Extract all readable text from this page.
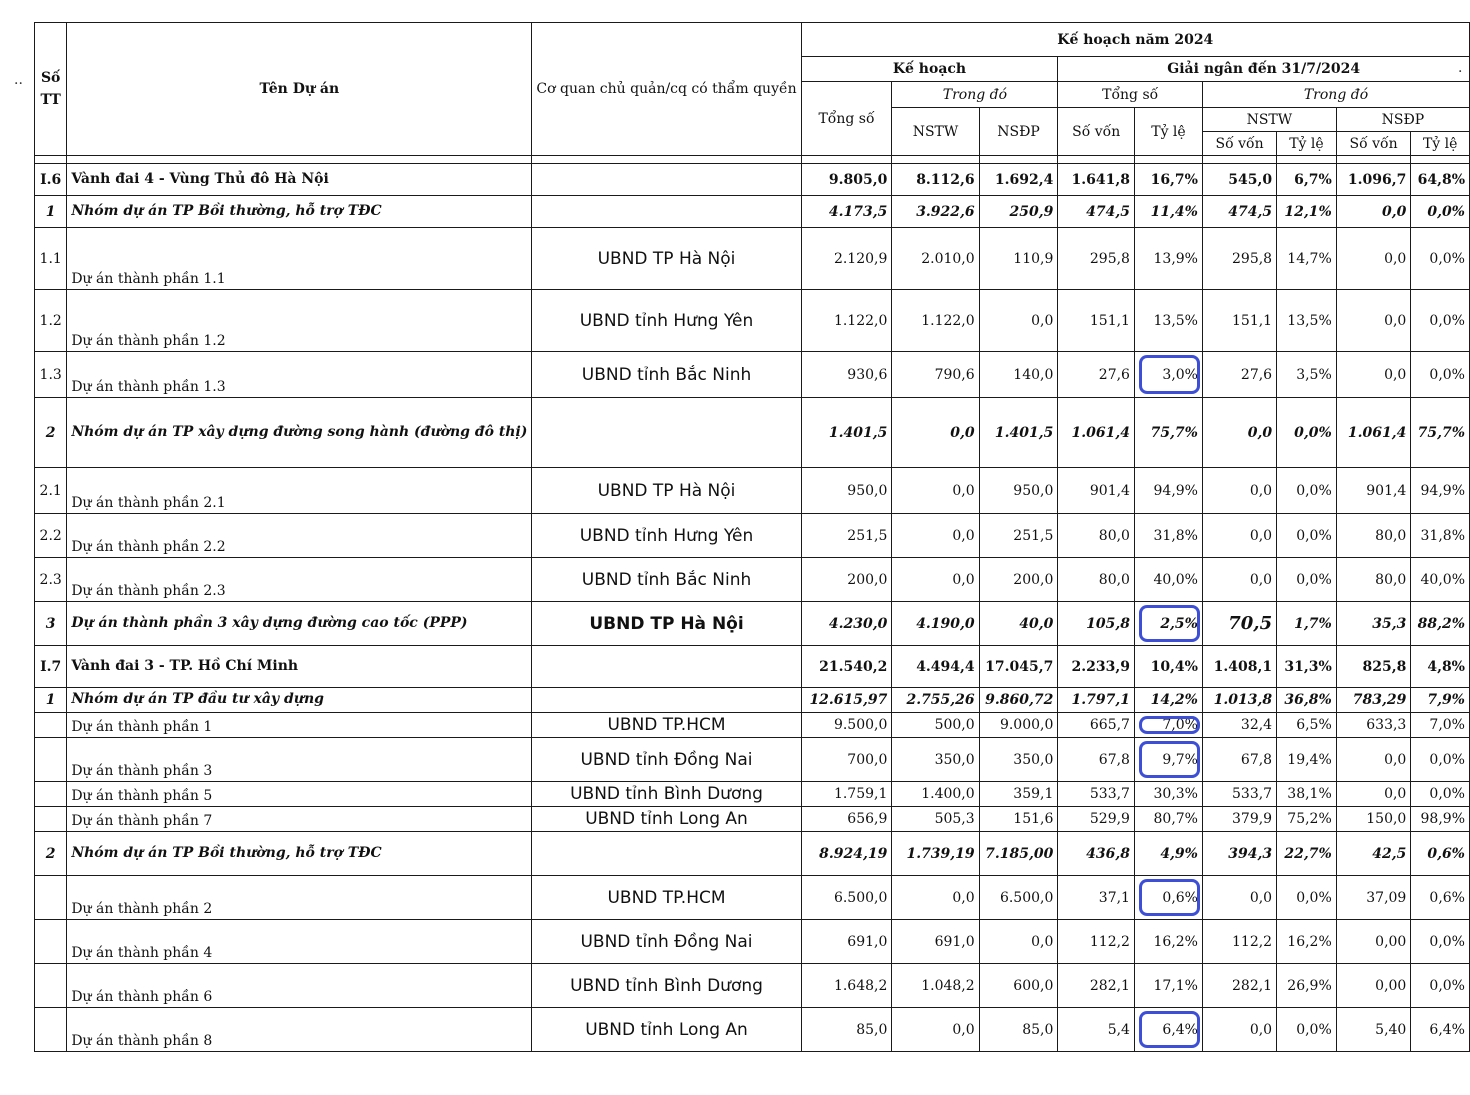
··
·
Số TT	Tên Dự án	Cơ quan chủ quản/cq có thẩm quyền	Kế hoạch năm 2024								
			Kế hoạch			Giải ngân đến 31/7/2024					
			Tổng số	Trong đó		Tổng số		Trong đó			
				NSTW	NSĐP	Số vốn	Tỷ lệ	NSTW		NSĐP	
								Số vốn	Tỷ lệ	Số vốn	Tỷ lệ

I.6	Vành đai 4 - Vùng Thủ đô Hà Nội		9.805,0	8.112,6	1.692,4	1.641,8	16,7%	545,0	6,7%	1.096,7	64,8%
1	Nhóm dự án TP Bồi thường, hỗ trợ TĐC		4.173,5	3.922,6	250,9	474,5	11,4%	474,5	12,1%	0,0	0,0%
1.1	Dự án thành phần 1.1	UBND TP Hà Nội	2.120,9	2.010,0	110,9	295,8	13,9%	295,8	14,7%	0,0	0,0%
1.2	Dự án thành phần 1.2	UBND tỉnh Hưng Yên	1.122,0	1.122,0	0,0	151,1	13,5%	151,1	13,5%	0,0	0,0%
1.3	Dự án thành phần 1.3	UBND tỉnh Bắc Ninh	930,6	790,6	140,0	27,6	3,0%	27,6	3,5%	0,0	0,0%
2	Nhóm dự án TP xây dựng đường song hành (đường đô thị)		1.401,5	0,0	1.401,5	1.061,4	75,7%	0,0	0,0%	1.061,4	75,7%
2.1	Dự án thành phần 2.1	UBND TP Hà Nội	950,0	0,0	950,0	901,4	94,9%	0,0	0,0%	901,4	94,9%
2.2	Dự án thành phần 2.2	UBND tỉnh Hưng Yên	251,5	0,0	251,5	80,0	31,8%	0,0	0,0%	80,0	31,8%
2.3	Dự án thành phần 2.3	UBND tỉnh Bắc Ninh	200,0	0,0	200,0	80,0	40,0%	0,0	0,0%	80,0	40,0%
3	Dự án thành phần 3 xây dựng đường cao tốc (PPP)	UBND TP Hà Nội	4.230,0	4.190,0	40,0	105,8	2,5%	70,5	1,7%	35,3	88,2%
I.7	Vành đai 3 - TP. Hồ Chí Minh		21.540,2	4.494,4	17.045,7	2.233,9	10,4%	1.408,1	31,3%	825,8	4,8%
1	Nhóm dự án TP đầu tư xây dựng		12.615,97	2.755,26	9.860,72	1.797,1	14,2%	1.013,8	36,8%	783,29	7,9%
	Dự án thành phần 1	UBND TP.HCM	9.500,0	500,0	9.000,0	665,7	7,0%	32,4	6,5%	633,3	7,0%
	Dự án thành phần 3	UBND tỉnh Đồng Nai	700,0	350,0	350,0	67,8	9,7%	67,8	19,4%	0,0	0,0%
	Dự án thành phần 5	UBND tỉnh Bình Dương	1.759,1	1.400,0	359,1	533,7	30,3%	533,7	38,1%	0,0	0,0%
	Dự án thành phần 7	UBND tỉnh Long An	656,9	505,3	151,6	529,9	80,7%	379,9	75,2%	150,0	98,9%
2	Nhóm dự án TP Bồi thường, hỗ trợ TĐC		8.924,19	1.739,19	7.185,00	436,8	4,9%	394,3	22,7%	42,5	0,6%
	Dự án thành phần 2	UBND TP.HCM	6.500,0	0,0	6.500,0	37,1	0,6%	0,0	0,0%	37,09	0,6%
	Dự án thành phần 4	UBND tỉnh Đồng Nai	691,0	691,0	0,0	112,2	16,2%	112,2	16,2%	0,00	0,0%
	Dự án thành phần 6	UBND tỉnh Bình Dương	1.648,2	1.048,2	600,0	282,1	17,1%	282,1	26,9%	0,00	0,0%
	Dự án thành phần 8	UBND tỉnh Long An	85,0	0,0	85,0	5,4	6,4%	0,0	0,0%	5,40	6,4%
